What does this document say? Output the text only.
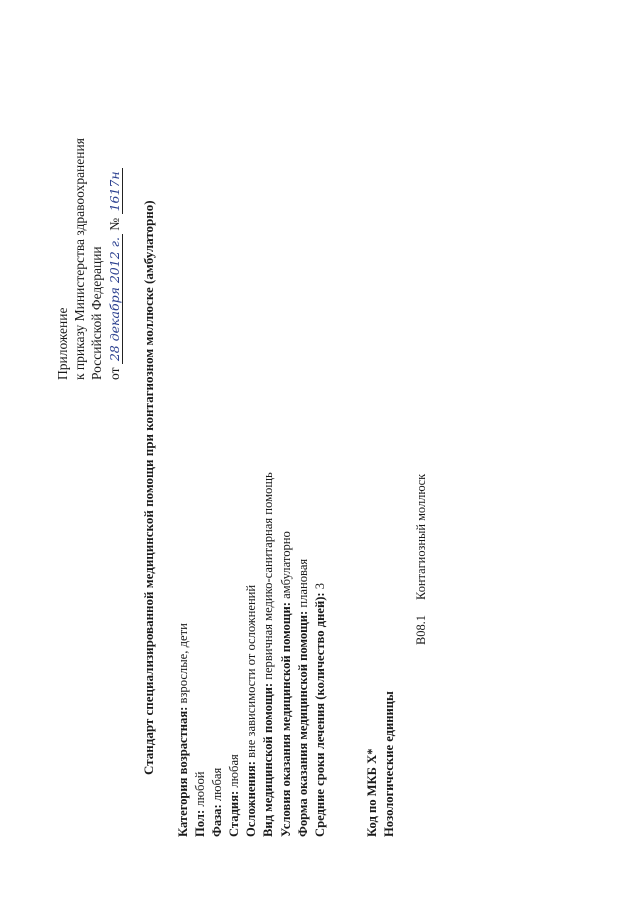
Приложение к приказу Министерства здравоохранения Российской Федерации от 28 декабря 2012 г. № 1617н
Стандарт специализированной медицинской помощи при контагиозном моллюске (амбулаторно) Категория возрастная: взрослые, дети
Пол: любой
Фаза: любая
Стадия: любая Осложнения: вне зависимости от осложнений
Вид медицинской помощи: первичная медико-санитарная помощь
Условия оказания медицинской помощи: амбулаторно
Форма оказания медицинской помощи: плановая
Средние сроки лечения (количество дней): 3
Код по МКБ X* Нозологические единицы
B08.1 Контагиозный моллюск
